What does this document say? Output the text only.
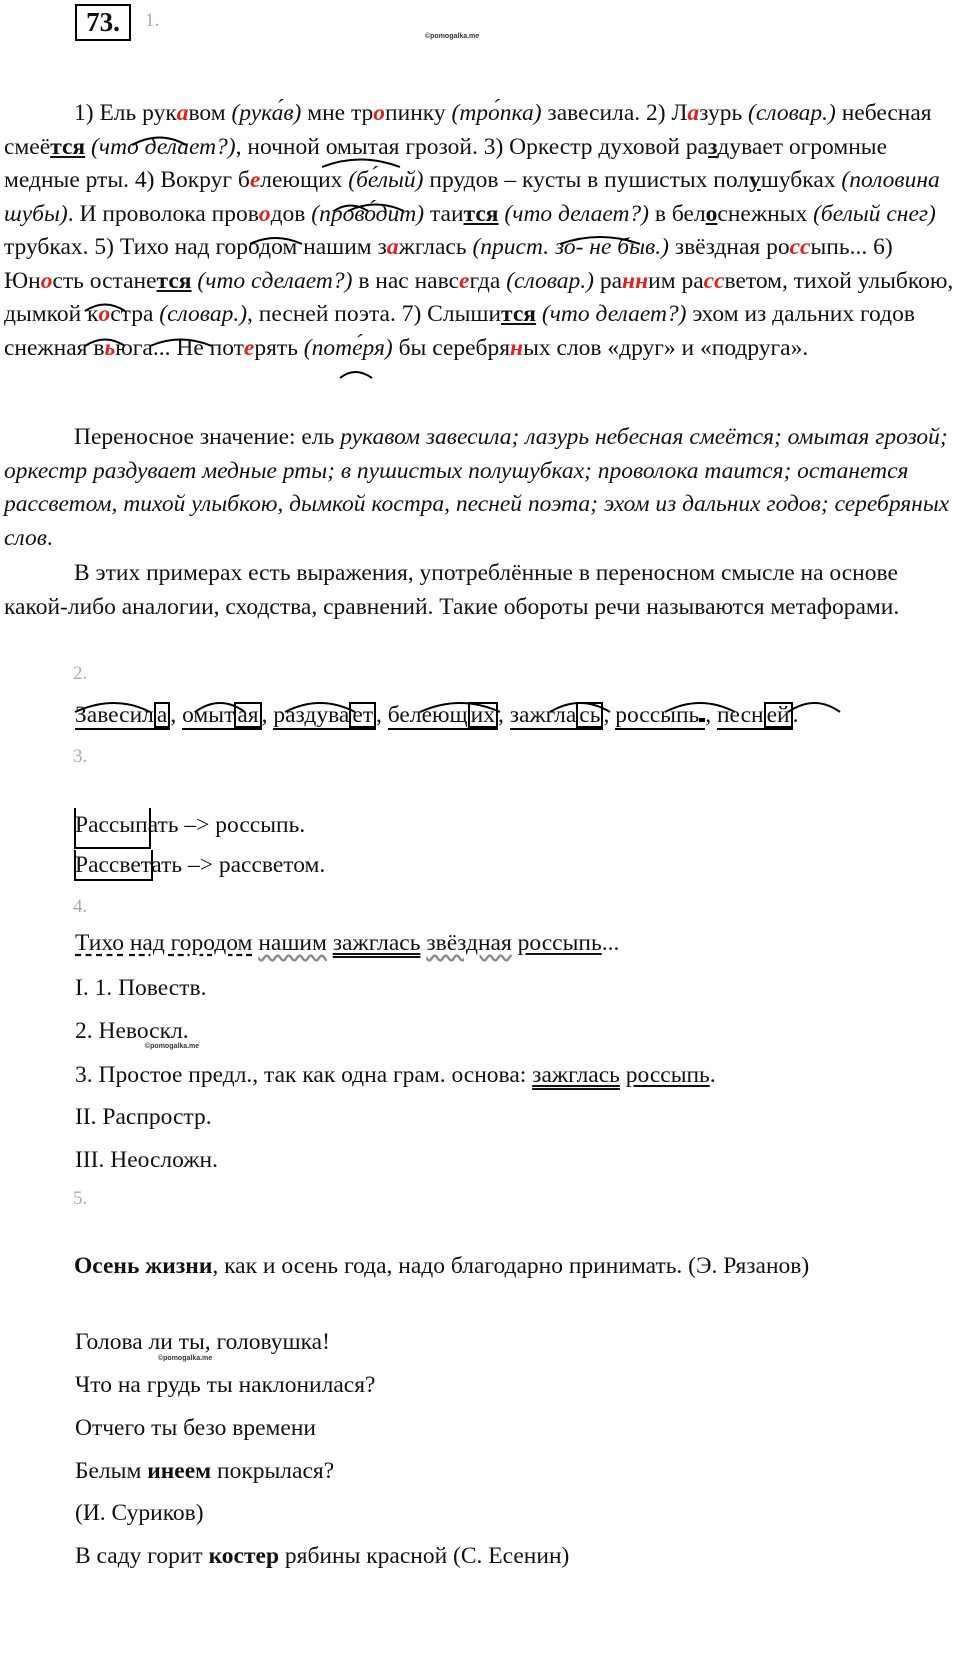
73.	1.
©pomogalka.me
1) Ель рукавом (рука́в) мне тропинку (тро́пка) завесила. 2) Лазурь (словар.) небесная смеётся (что делает?), ночной омытая грозой. 3) Оркестр духовой раздувает огромные медные рты. 4) Вокруг белеющих (бе́лый) прудов – кусты в пушистых полушубках (половина шубы). И проволока проводов (прово́дит) таится (что делает?) в белоснежных (белый снег) трубках. 5) Тихо над городом нашим зажглась (прист. зо- не быв.) звёздная россыпь... 6) Юность останется (что сделает?) в нас навсегда (словар.) ранним рассветом, тихой улыбкою, дымкой костра (словар.), песней поэта. 7) Слышится (что делает?) эхом из дальних годов снежная вьюга... Не потерять (поте́ря) бы серебряных слов «друг» и «подруга».
Переносное значение: ель рукавом завесила; лазурь небесная смеётся; омытая грозой; оркестр раздувает медные рты; в пушистых полушубках; проволока таится; останется рассветом, тихой улыбкою, дымкой костра, песней поэта; эхом из дальних годов; серебряных слов.
В этих примерах есть выражения, употреблённые в переносном смысле на основе какой-либо аналогии, сходства, сравнений. Такие обороты речи называются метафорами.
2.
Завесил а , омыт ая , раздува ет , белеющ их , зажгла сь , россыпь , песн ей .
3.
Рассыпать –> россыпь.
Рассветать –> рассветом.
4.
Тихо над городом нашим зажглась звёздная россыпь...
I. 1. Повеств.
2. Невоскл.
©pomogalka.me
3. Простое предл., так как одна грам. основа: зажглась россыпь.
II. Распростр.
III. Неосложн.
5.
Осень жизни, как и осень года, надо благодарно принимать. (Э. Рязанов)
Голова ли ты, головушка!
©pomogalka.me
Что на грудь ты наклонилася?
Отчего ты безо времени
Белым инеем покрылася?
(И. Суриков)
В саду горит костер рябины красной (С. Есенин)
